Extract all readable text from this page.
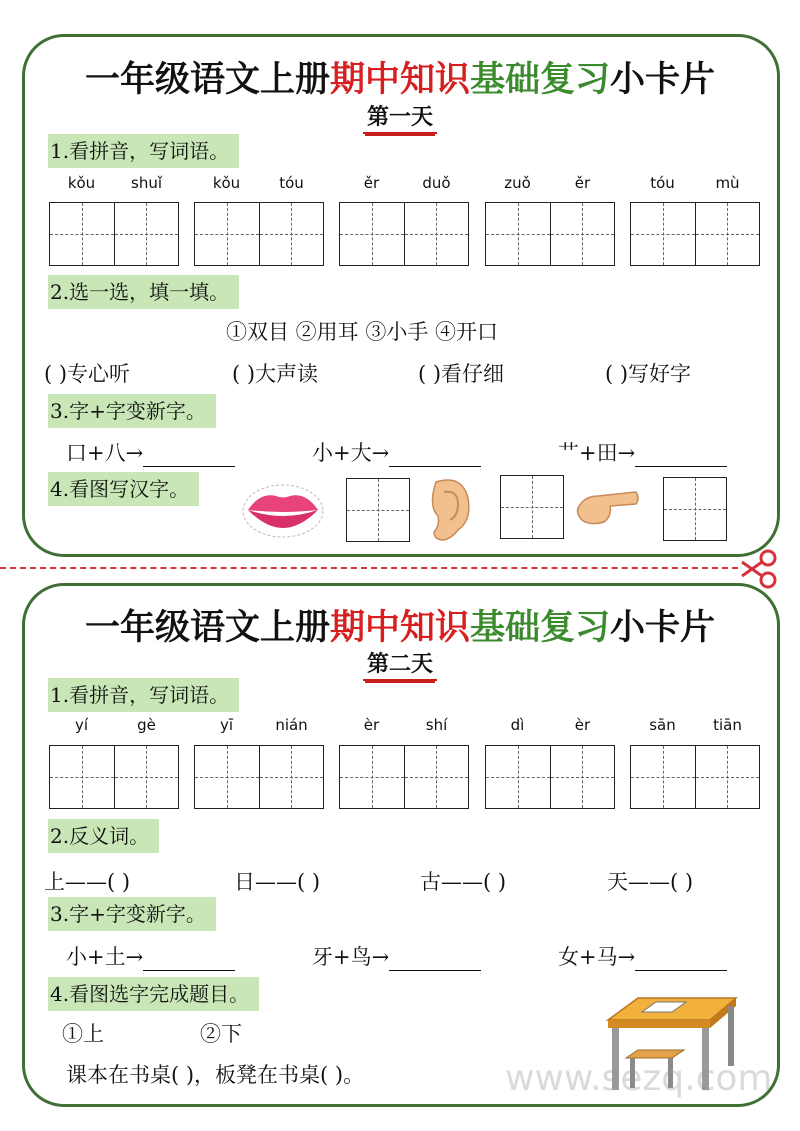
一年级语文上册期中知识基础复习小卡片
第一天
1.看拼音，写词语。
kǒu	shuǐ	kǒu	tóu	ěr	duǒ	zuǒ	ěr	tóu	mù
2.选一选，填一填。
①双目 ②用耳 ③小手 ④开口
( )专心听	( )大声读	( )看仔细	( )写好字
3.字+字变新字。
口+八→	小+大→	艹+田→
4.看图写汉字。
一年级语文上册期中知识基础复习小卡片
第二天
1.看拼音，写词语。
yí	gè	yī	nián	èr	shí	dì	èr	sān	tiān
2.反义词。
上——( )	日——( )	古——( )	天——( )
3.字+字变新字。
小+土→	牙+鸟→	女+马→
4.看图选字完成题目。
①上	②下
课本在书桌( )，板凳在书桌( )。	www.sezq.com
